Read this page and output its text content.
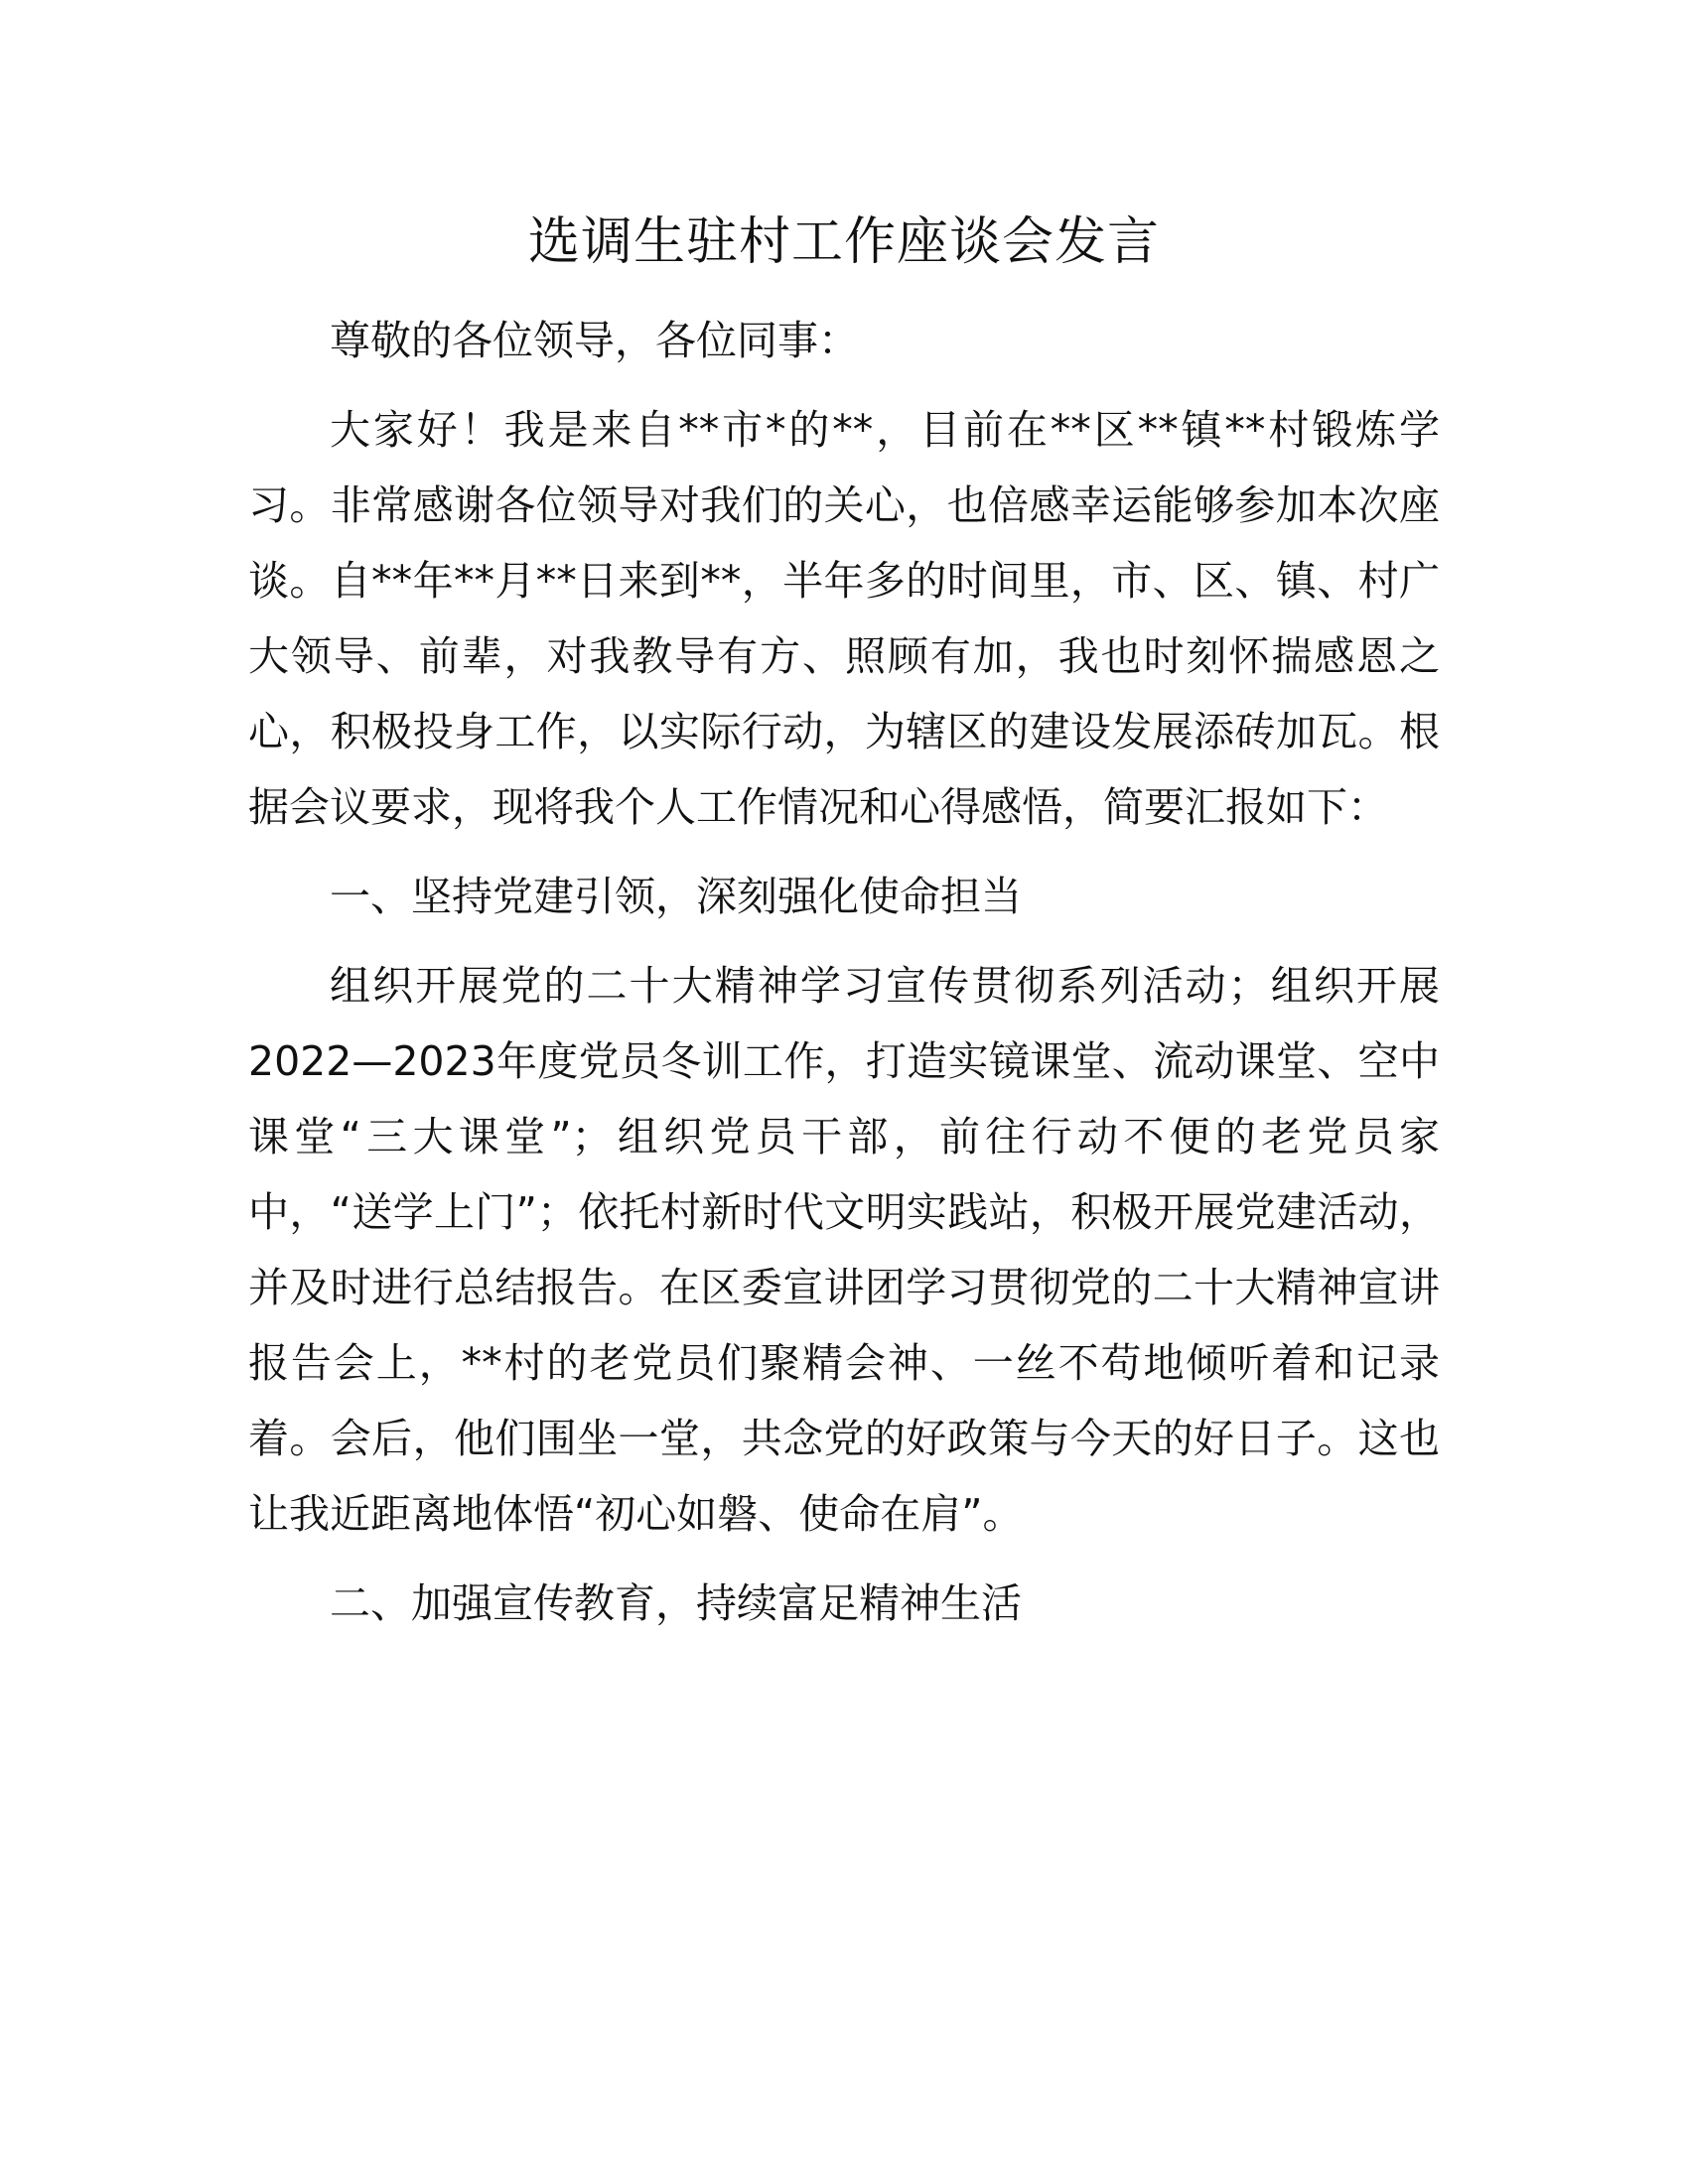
选调生驻村工作座谈会发言

尊敬的各位领导，各位同事：

大家好！我是来自**市*的**，目前在**区**镇**村锻炼学习。非常感谢各位领导对我们的关心，也倍感幸运能够参加本次座谈。自**年**月**日来到**，半年多的时间里，市、区、镇、村广大领导、前辈，对我教导有方、照顾有加，我也时刻怀揣感恩之心，积极投身工作，以实际行动，为辖区的建设发展添砖加瓦。根据会议要求，现将我个人工作情况和心得感悟，简要汇报如下：

一、坚持党建引领，深刻强化使命担当

组织开展党的二十大精神学习宣传贯彻系列活动；组织开展2022—2023年度党员冬训工作，打造实镜课堂、流动课堂、空中课堂“三大课堂”；组织党员干部，前往行动不便的老党员家中，“送学上门”；依托村新时代文明实践站，积极开展党建活动，并及时进行总结报告。在区委宣讲团学习贯彻党的二十大精神宣讲报告会上，**村的老党员们聚精会神、一丝不苟地倾听着和记录着。会后，他们围坐一堂，共念党的好政策与今天的好日子。这也让我近距离地体悟“初心如磐、使命在肩”。

二、加强宣传教育，持续富足精神生活
